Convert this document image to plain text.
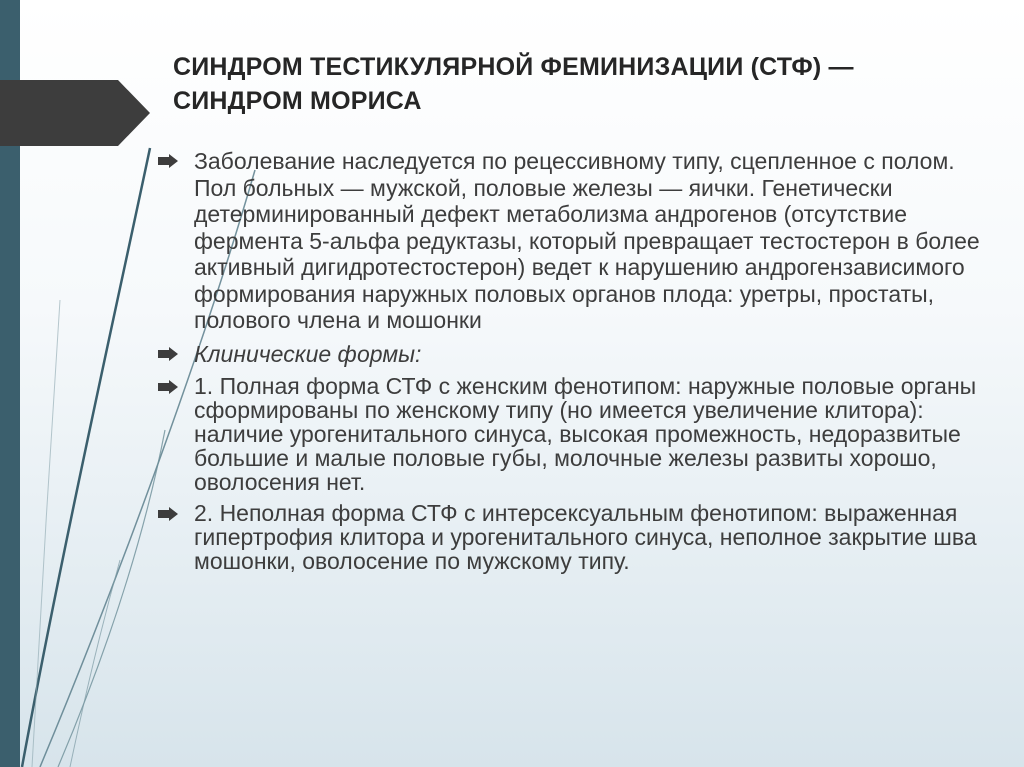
СИНДРОМ ТЕСТИКУЛЯРНОЙ ФЕМИНИЗАЦИИ (СТФ) —
СИНДРОМ МОРИСА
Заболевание наследуется по рецессивному типу, сцепленное с полом. Пол больных — мужской, половые железы — яички. Генетически детерминированный дефект метаболизма андрогенов (отсутствие фермента 5-альфа редуктазы, который превращает тестостерон в более активный дигидротестостерон) ведет к нарушению андрогензависимого формирования наружных половых органов плода: уретры, простаты, полового члена и мошонки
Клинические формы:
1. Полная форма СТФ с женским фенотипом: наружные половые органы сформированы по женскому типу (но имеется увеличение клитора): наличие урогенитального синуса, высокая промежность, недоразвитые большие и малые половые губы, молочные железы развиты хорошо, оволосения нет.
2. Неполная форма СТФ с интерсексуальным фенотипом: выраженная гипертрофия клитора и урогенитального синуса, неполное закрытие шва мошонки, оволосение по мужскому типу.
